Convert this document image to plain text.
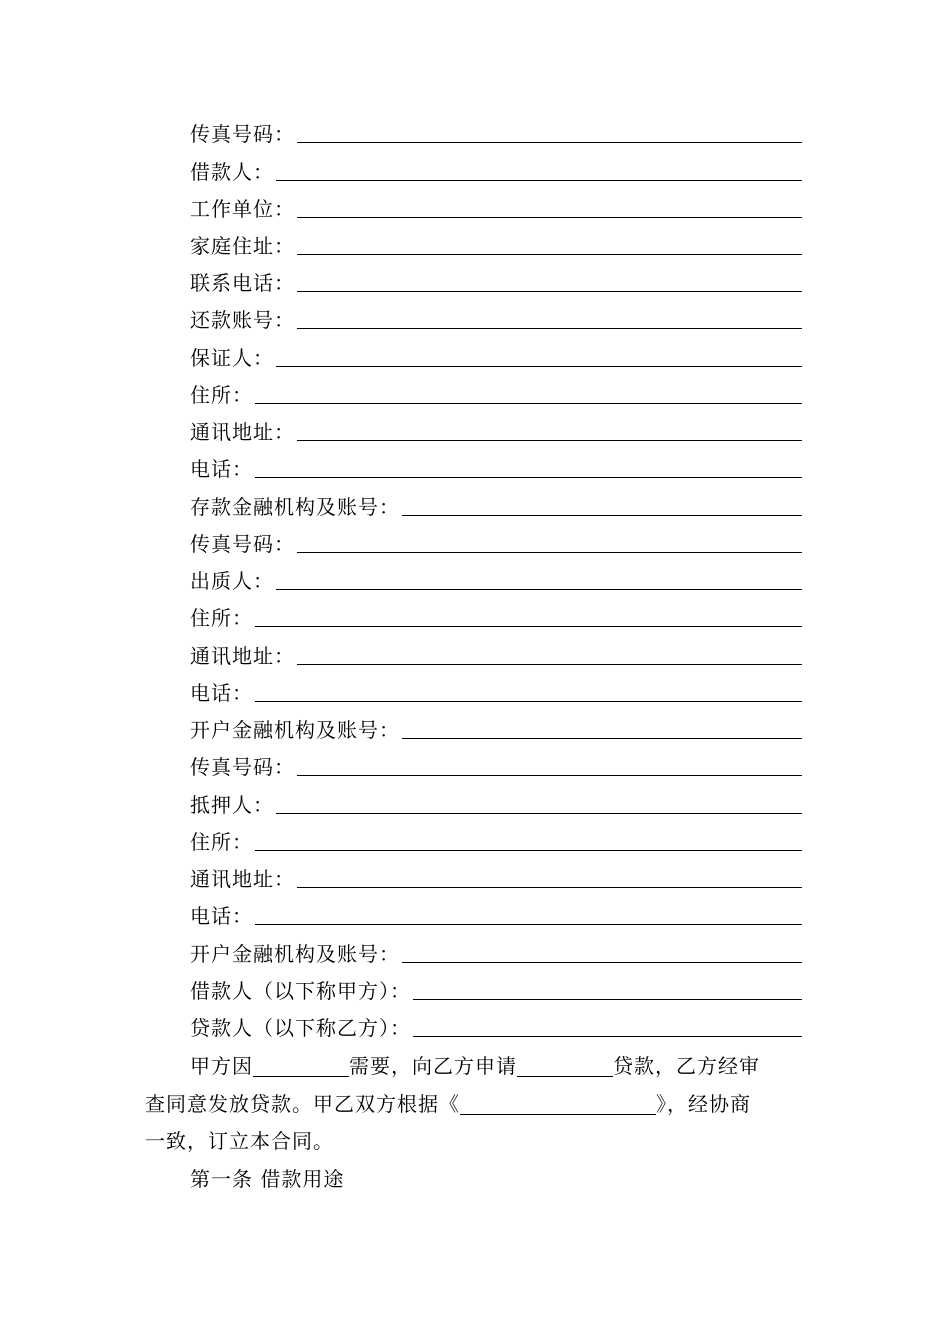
传真号码：
借款人：
工作单位：
家庭住址：
联系电话：
还款账号：
保证人：
住所：
通讯地址：
电话：
存款金融机构及账号：
传真号码：
出质人：
住所：
通讯地址：
电话：
开户金融机构及账号：
传真号码：
抵押人：
住所：
通讯地址：
电话：
开户金融机构及账号：
借款人（以下称甲方）：
贷款人（以下称乙方）：
甲方因	需要，向乙方申请	贷款，乙方经审
查同意发放贷款。甲乙双方根据《	》，经协商
一致，订立本合同。
第一条 借款用途
